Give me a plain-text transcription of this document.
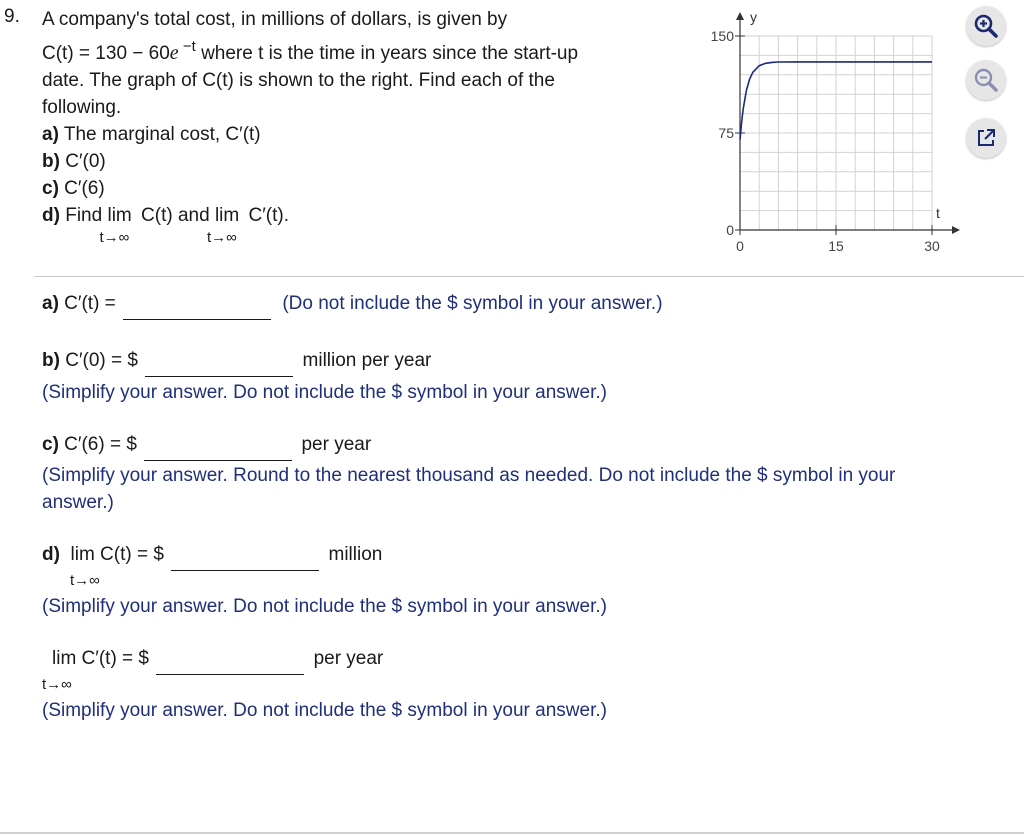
9. A company's total cost, in millions of dollars, is given by
C(t) = 130 − 60e $^{-t}$ where t is the time in years since the start-up
date. The graph of C(t) is shown to the right. Find each of the
following.
a) The marginal cost, C′(t)
b) C′(0)
c) C′(6)
d) Find lim
t→∞
C(t) and lim
t→∞
C′(t).
0
75
150
0	15	30
y
t
a) C′(t) =	(Do not include the $ symbol in your answer.)
b) C′(0) = $	million per year
(Simplify your answer. Do not include the $ symbol in your answer.)
c) C′(6) = $	per year
(Simplify your answer. Round to the nearest thousand as needed. Do not include the $ symbol in your
answer.)
d) lim C(t) = $	million
t→∞
(Simplify your answer. Do not include the $ symbol in your answer.)
lim C′(t) = $	per year
t→∞
(Simplify your answer. Do not include the $ symbol in your answer.)
